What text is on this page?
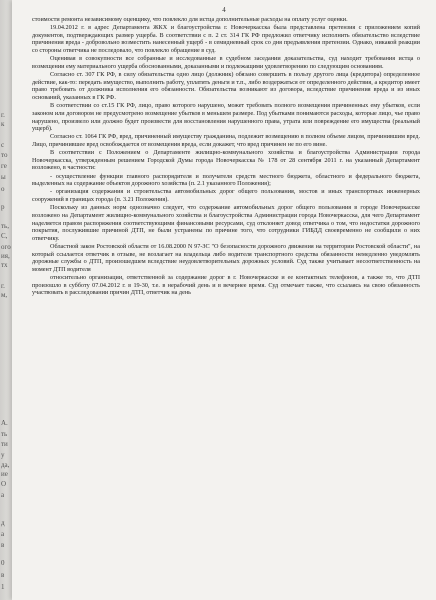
г.
к
с
то
ге
ы
о
р
ть,
С,
ого
ия,
тх
г.
м,
А.
ть
ти
у
да,
ие
О
а
д
а
в
0
в
1
4

стоимости ремонта независимому оценщику, что повлекло для истца дополнительные расходы на оплату услуг оценки.

19.04.2012 г. в адрес Департамента ЖКХ и благоустройства г. Новочеркасска была представлена претензия с приложением копий документов, подтверждающих размер ущерба. В соответствии с п. 2 ст. 314 ГК РФ предложил ответчику исполнить обязательство вследствие причинения вреда - добровольно возместить нанесенный ущерб - в семидневный срок со дня предъявления претензии. Однако, никакой реакции со стороны ответчика не последовало, что повлекло обращение в суд.

Оценивая в совокупности все собранные и исследованные в судебном заседании доказательства, суд находит требования истца о возмещении ему материального ущерба обоснованными, доказанными и подлежащими удовлетворению по следующим основаниям.

Согласно ст. 307 ГК РФ, в силу обязательства одно лицо (должник) обязано совершить в пользу другого лица (кредитора) определенное действие, как-то: передать имущество, выполнить работу, уплатить деньги и т.п., либо воздержаться от определенного действия, а кредитор имеет право требовать от должника исполнения его обязанности. Обязательства возникают из договора, вследствие причинения вреда и из иных оснований, указанных в ГК РФ.

В соответствии со ст.15 ГК РФ, лицо, право которого нарушено, может требовать полного возмещения причиненных ему убытков, если законом или договором не предусмотрено возмещение убытков в меньшем размере. Под убытками понимаются расходы, которые лицо, чье право нарушено, произвело или должно будет произвести для восстановления нарушенного права, утрата или повреждение его имущества (реальный ущерб).

Согласно ст. 1064 ГК РФ, вред, причиненный имуществу гражданина, подлежит возмещению в полном объеме лицом, причинившим вред. Лицо, причинившее вред освобождается от возмещения вреда, если докажет, что вред причинен не по его вине.

В соответствии с Положением о Департаменте жилищно-коммунального хозяйства и благоустройства Администрации города Новочеркасска, утвержденным решением Городской Думы города Новочеркасска № 178 от 28 сентября 2011 г. на указанный Департамент возложено, в частности:

- осуществление функции главного распорядителя и получателя средств местного бюджета, областного и федерального бюджета, выделенных на содержание объектов дорожного хозяйства (п. 2.1 указанного Положения);

- организация содержания и строительства автомобильных дорог общего пользования, мостов и иных транспортных инженерных сооружений в границах города (п. 3.21 Положения).

Поскольку из данных норм однозначно следует, что содержание автомобильных дорог общего пользования в городе Новочеркасске возложено на Департамент жилищно-коммунального хозяйства и благоустройства Администрации города Новочеркасска, для чего Департамент наделяется правом распоряжения соответствующими финансовыми ресурсами, суд отклоняет довод ответчика о том, что недостатки дорожного покрытия, послужившие причиной ДТП, не были устранены по причине того, что сотрудники ГИБДД своевременно не сообщили о них ответчику.

Областной закон Ростовской области от 16.08.2000 N 97-ЗС "О безопасности дорожного движения на территории Ростовской области", на который ссылается ответчик в отзыве, не возлагает на владельца либо водителя транспортного средства обязанности немедленно уведомлять дорожные службы о ДТП, произошедшем вследствие неудовлетворительных дорожных условий. Суд также учитывает несоответственность на момент ДТП водителя

относительно организации, ответственной за содержание дорог в г. Новочеркасске и ее контактных телефонов, а также то, что ДТП произошло в субботу 07.04.2012 г. в 19-30, т.е. в нерабочий день и в вечернее время. Суд отмечает также, что ссылаясь на свою обязанность участвовать в расследовании причин ДТП, ответчик на день
